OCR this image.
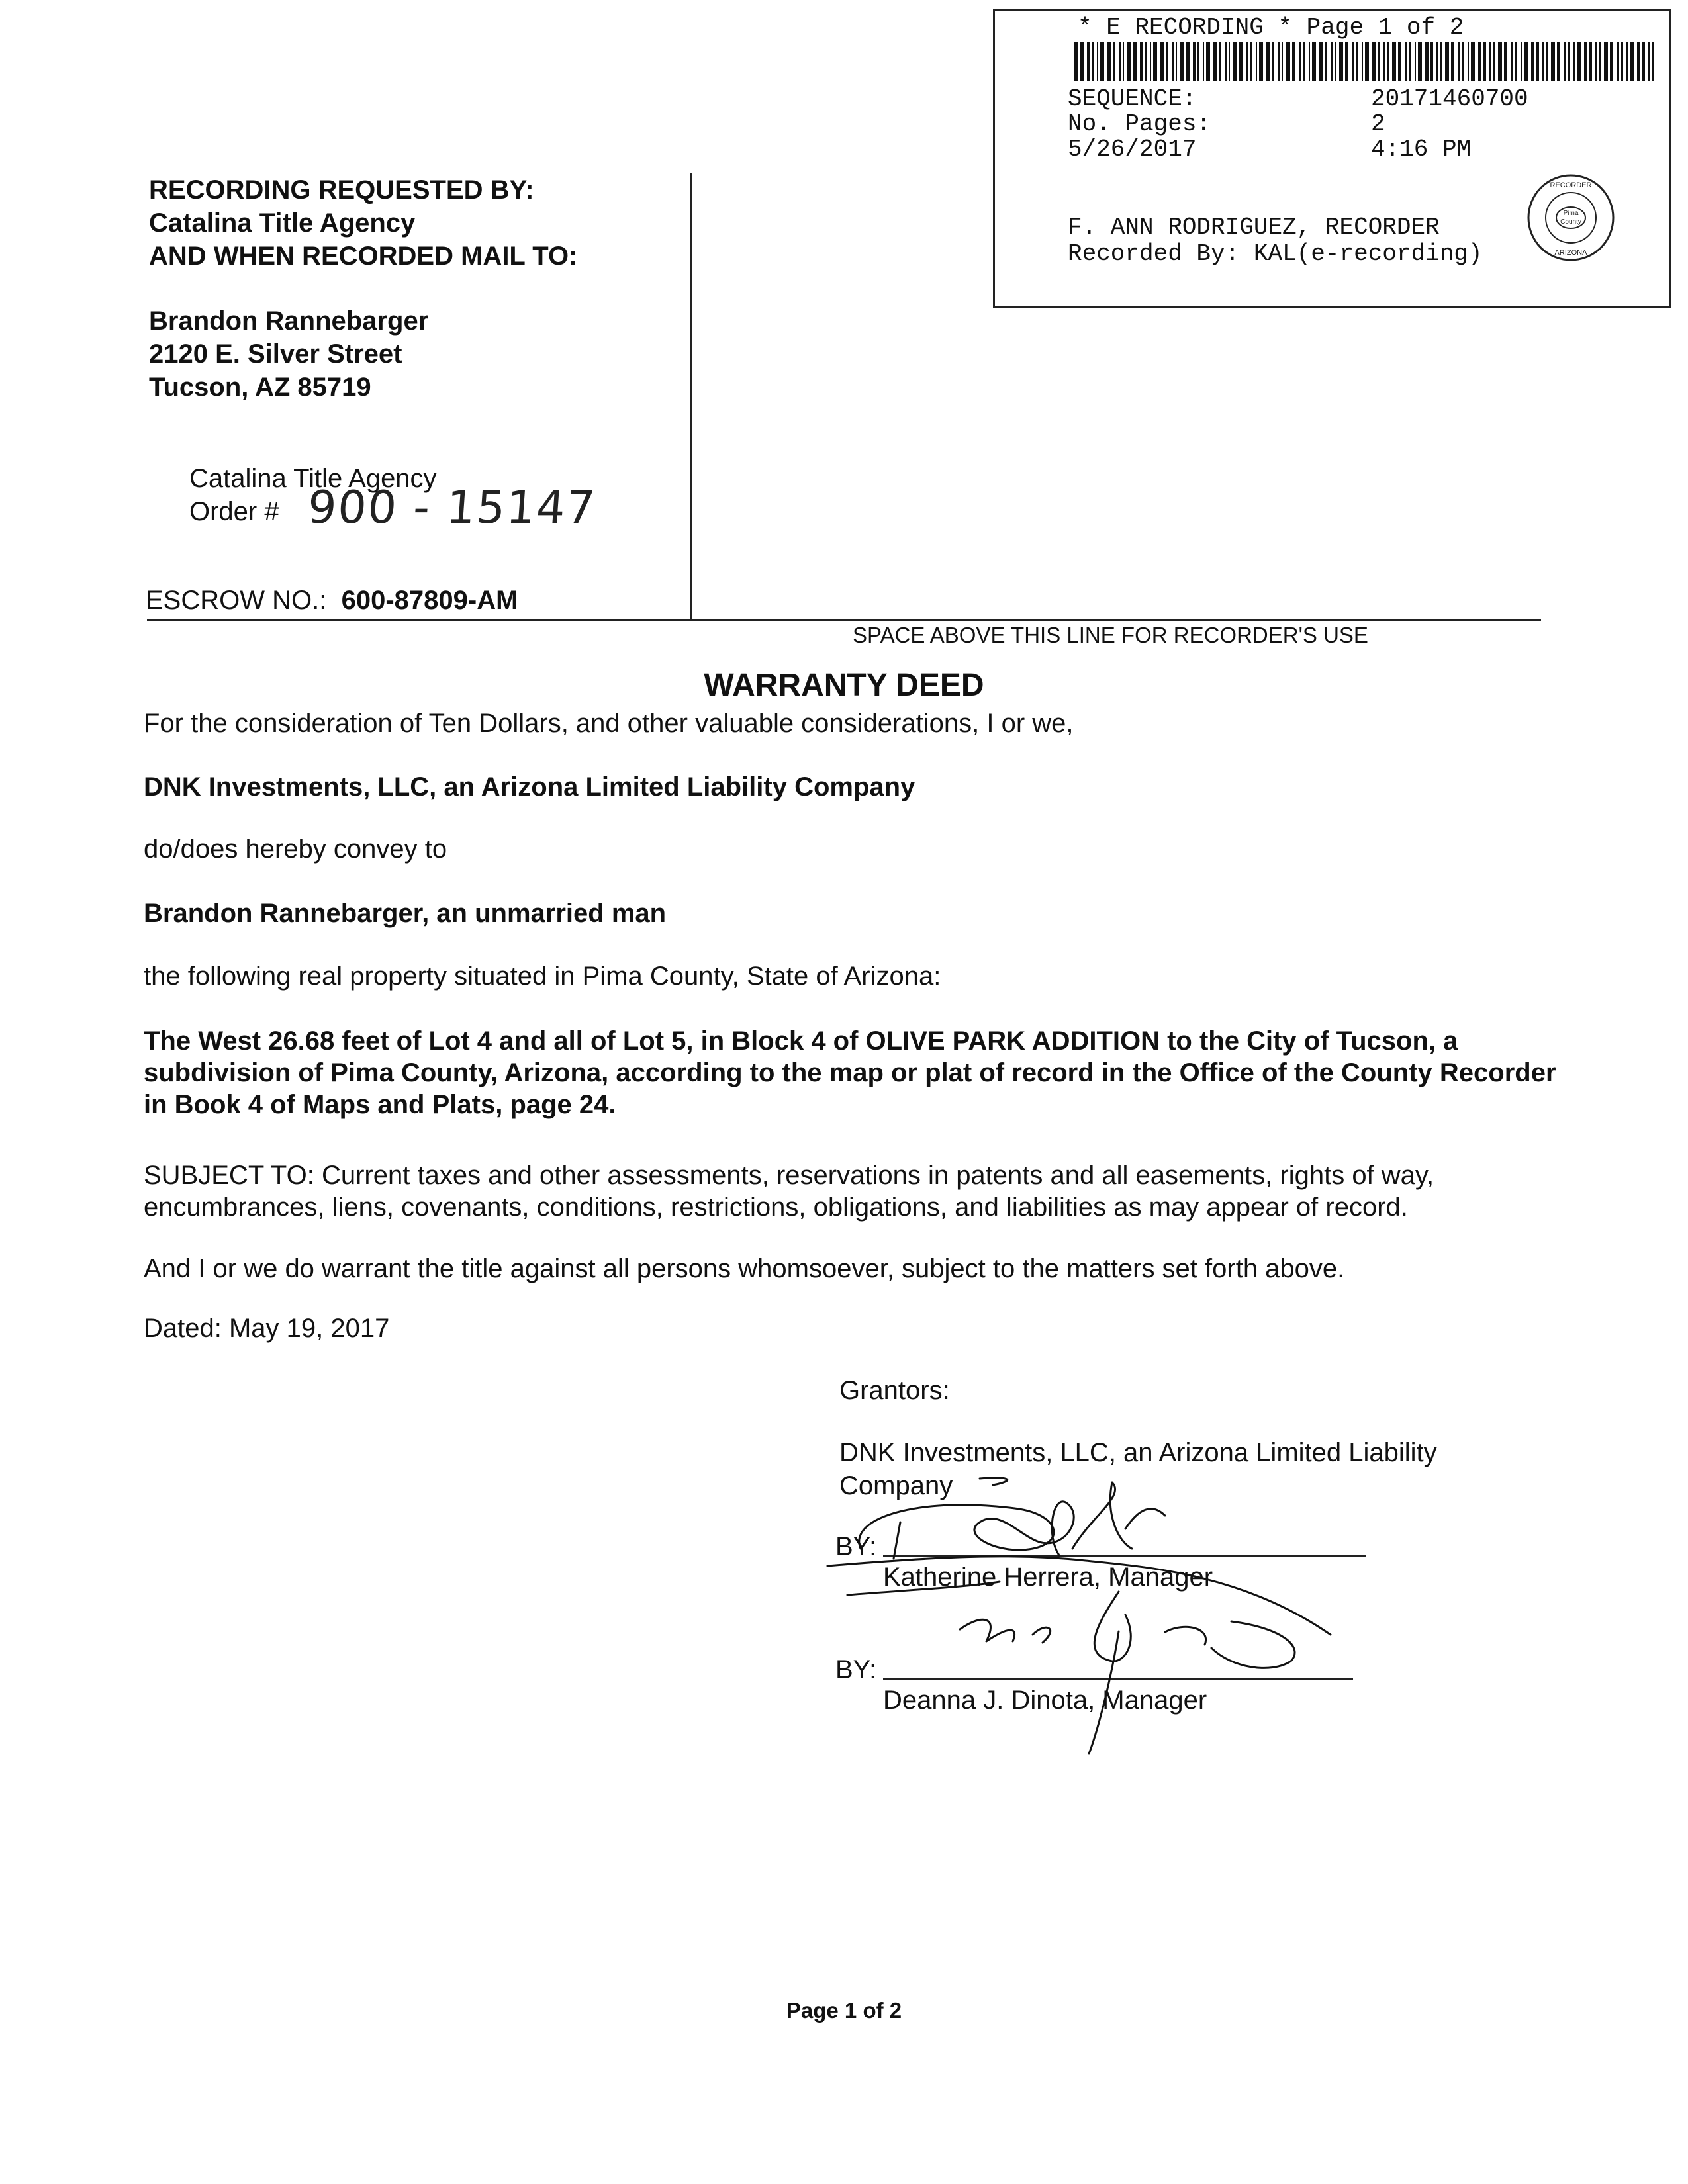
* E RECORDING * Page 1 of 2
SEQUENCE:	20171460700
No. Pages:	2
5/26/2017	4:16 PM
F. ANN RODRIGUEZ, RECORDER
Recorded By: KAL(e-recording)
Pima
County
RECORDER
ARIZONA
RECORDING REQUESTED BY:
Catalina Title Agency
AND WHEN RECORDED MAIL TO:
Brandon Rannebarger
2120 E. Silver Street
Tucson, AZ 85719
Catalina Title Agency
Order # 900 - 15147
ESCROW NO.: 600-87809-AM
SPACE ABOVE THIS LINE FOR RECORDER'S USE
WARRANTY DEED
For the consideration of Ten Dollars, and other valuable considerations, I or we,
DNK Investments, LLC, an Arizona Limited Liability Company
do/does hereby convey to
Brandon Rannebarger, an unmarried man
the following real property situated in Pima County, State of Arizona:
The West 26.68 feet of Lot 4 and all of Lot 5, in Block 4 of OLIVE PARK ADDITION to the City of Tucson, a subdivision of Pima County, Arizona, according to the map or plat of record in the Office of the County Recorder in Book 4 of Maps and Plats, page 24.
SUBJECT TO: Current taxes and other assessments, reservations in patents and all easements, rights of way, encumbrances, liens, covenants, conditions, restrictions, obligations, and liabilities as may appear of record.
And I or we do warrant the title against all persons whomsoever, subject to the matters set forth above.
Dated: May 19, 2017
Grantors:
DNK Investments, LLC, an Arizona Limited Liability Company
BY:
Katherine Herrera, Manager
BY:
Deanna J. Dinota, Manager
Page 1 of 2
